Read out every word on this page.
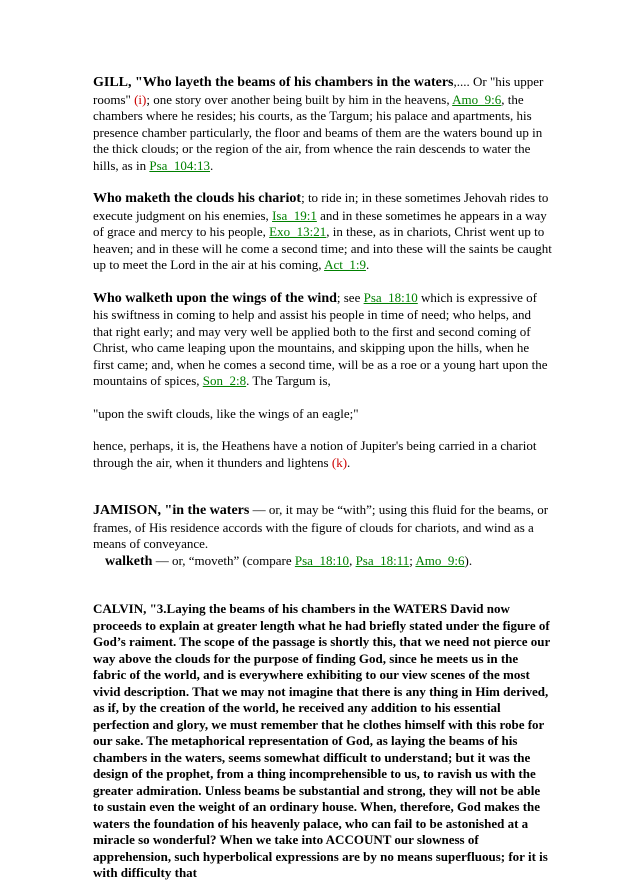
GILL, "Who layeth the beams of his chambers in the waters,.... Or "his upper rooms" (i); one story over another being built by him in the heavens, Amo_9:6, the chambers where he resides; his courts, as the Targum; his palace and apartments, his presence chamber particularly, the floor and beams of them are the waters bound up in the thick clouds; or the region of the air, from whence the rain descends to water the hills, as in Psa_104:13.

Who maketh the clouds his chariot; to ride in; in these sometimes Jehovah rides to execute judgment on his enemies, Isa_19:1 and in these sometimes he appears in a way of grace and mercy to his people, Exo_13:21, in these, as in chariots, Christ went up to heaven; and in these will he come a second time; and into these will the saints be caught up to meet the Lord in the air at his coming, Act_1:9.

Who walketh upon the wings of the wind; see Psa_18:10 which is expressive of his swiftness in coming to help and assist his people in time of need; who helps, and that right early; and may very well be applied both to the first and second coming of Christ, who came leaping upon the mountains, and skipping upon the hills, when he first came; and, when he comes a second time, will be as a roe or a young hart upon the mountains of spices, Son_2:8. The Targum is,

"upon the swift clouds, like the wings of an eagle;"

hence, perhaps, it is, the Heathens have a notion of Jupiter's being carried in a chariot through the air, when it thunders and lightens (k).

JAMISON, "in the waters — or, it may be “with”; using this fluid for the beams, or frames, of His residence accords with the figure of clouds for chariots, and wind as a means of conveyance.

walketh — or, “moveth” (compare Psa_18:10, Psa_18:11; Amo_9:6).

CALVIN, "3.Laying the beams of his chambers in the WATERS David now proceeds to explain at greater length what he had briefly stated under the figure of God’s raiment. The scope of the passage is shortly this, that we need not pierce our way above the clouds for the purpose of finding God, since he meets us in the fabric of the world, and is everywhere exhibiting to our view scenes of the most vivid description. That we may not imagine that there is any thing in Him derived, as if, by the creation of the world, he received any addition to his essential perfection and glory, we must remember that he clothes himself with this robe for our sake. The metaphorical representation of God, as laying the beams of his chambers in the waters, seems somewhat difficult to understand; but it was the design of the prophet, from a thing incomprehensible to us, to ravish us with the greater admiration. Unless beams be substantial and strong, they will not be able to sustain even the weight of an ordinary house. When, therefore, God makes the waters the foundation of his heavenly palace, who can fail to be astonished at a miracle so wonderful? When we take into ACCOUNT our slowness of apprehension, such hyperbolical expressions are by no means superfluous; for it is with difficulty that
